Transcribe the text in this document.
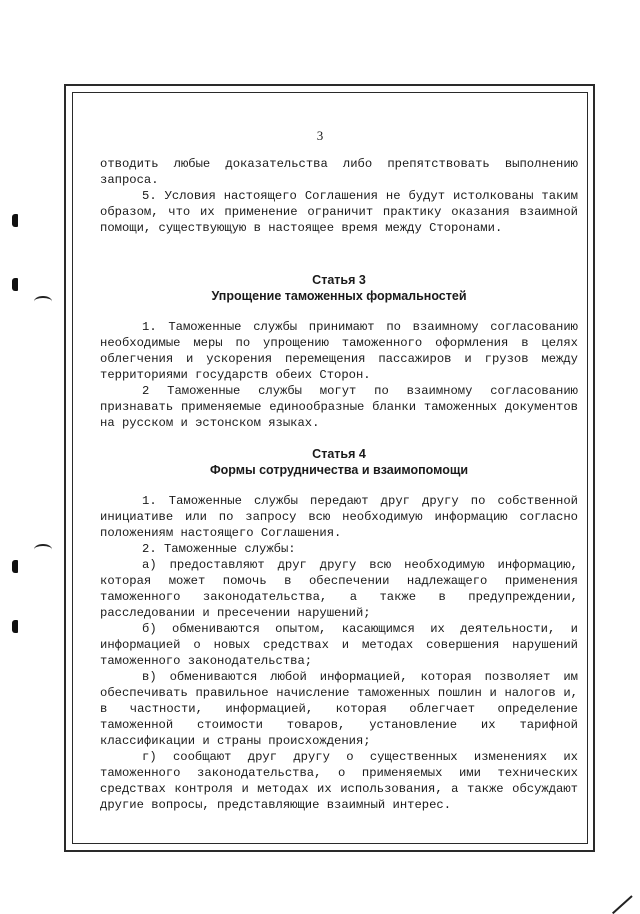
3

отводить любые доказательства либо препятствовать выполнению запроса.

5. Условия настоящего Соглашения не будут истолкованы таким образом, что их применение ограничит практику оказания взаимной помощи, существующую в настоящее время между Сторонами.

Статья 3

Упрощение таможенных формальностей

1. Таможенные службы принимают по взаимному согласованию необходимые меры по упрощению таможенного оформления в целях облегчения и ускорения перемещения пассажиров и грузов между территориями государств обеих Сторон.

2 Таможенные службы могут по взаимному согласованию признавать применяемые единообразные бланки таможенных документов на русском и эстонском языках.

Статья 4

Формы сотрудничества и взаимопомощи

1. Таможенные службы передают друг другу по собственной инициативе или по запросу всю необходимую информацию согласно положениям настоящего Соглашения.

2. Таможенные службы:

а) предоставляют друг другу всю необходимую информацию, которая может помочь в обеспечении надлежащего применения таможенного законодательства, а также в предупреждении, расследовании и пресечении нарушений;

б) обмениваются опытом, касающимся их деятельности, и информацией о новых средствах и методах совершения нарушений таможенного законодательства;

в) обмениваются любой информацией, которая позволяет им обеспечивать правильное начисление таможенных пошлин и налогов и, в частности, информацией, которая облегчает определение таможенной стоимости товаров, установление их тарифной классификации и страны происхождения;

г) сообщают друг другу о существенных изменениях их таможенного законодательства, о применяемых ими технических средствах контроля и методах их использования, а также обсуждают другие вопросы, представляющие взаимный интерес.
